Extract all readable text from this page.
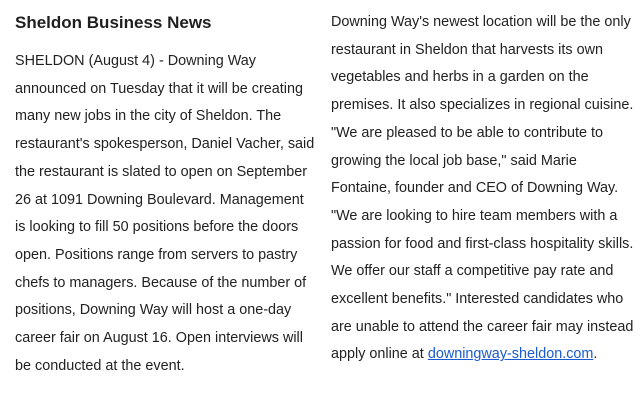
Sheldon Business News

SHELDON (August 4) - Downing Way announced on Tuesday that it will be creating many new jobs in the city of Sheldon. The restaurant's spokesperson, Daniel Vacher, said the restaurant is slated to open on September 26 at 1091 Downing Boulevard. Management is looking to fill 50 positions before the doors open. Positions range from servers to pastry chefs to managers. Because of the number of positions, Downing Way will host a one-day career fair on August 16. Open interviews will be conducted at the event.

Downing Way's newest location will be the only restaurant in Sheldon that harvests its own vegetables and herbs in a garden on the premises. It also specializes in regional cuisine. "We are pleased to be able to contribute to growing the local job base," said Marie Fontaine, founder and CEO of Downing Way. "We are looking to hire team members with a passion for food and first-class hospitality skills. We offer our staff a competitive pay rate and excellent benefits." Interested candidates who are unable to attend the career fair may instead apply online at downingway-sheldon.com.
